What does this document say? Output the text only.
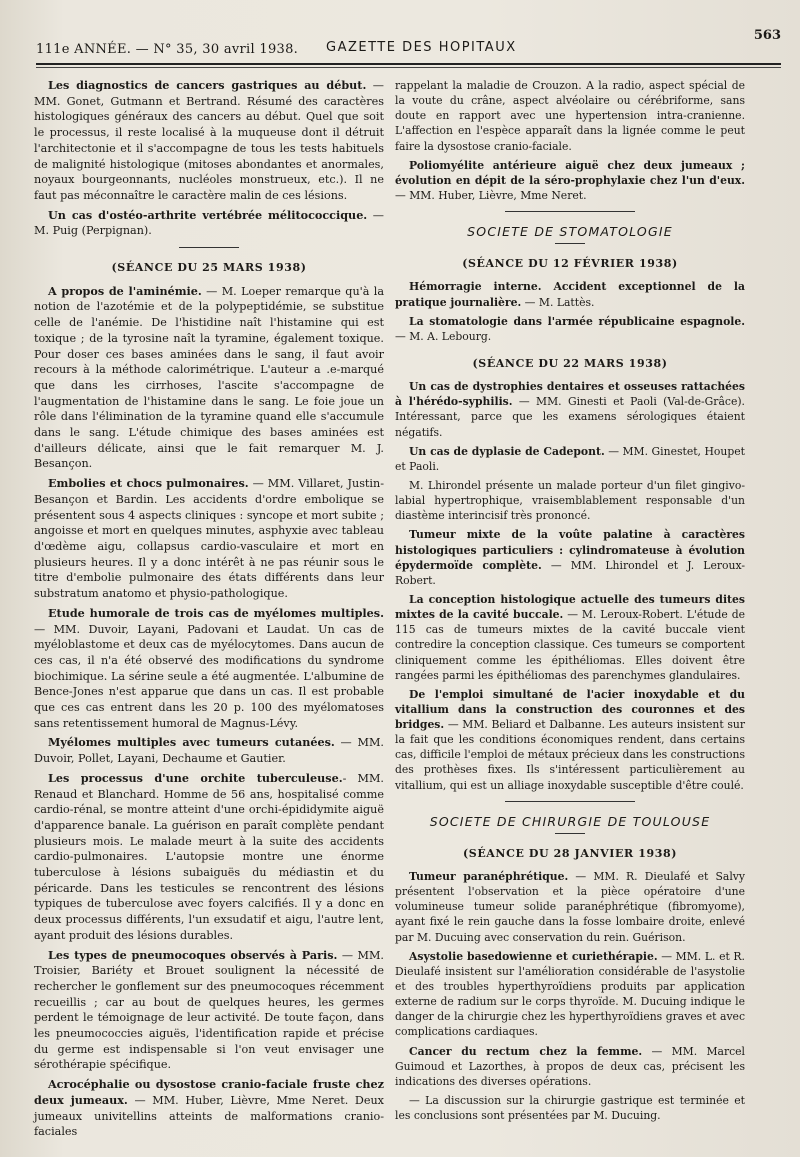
111e ANNÉE. — N° 35, 30 avril 1938. GAZETTE DES HOPITAUX
563

Les diagnostics de cancers gastriques au début. — MM. Gonet, Gutmann et Bertrand. Résumé des caractères histologiques généraux des cancers au début. Quel que soit le processus, il reste localisé à la muqueuse dont il détruit l'architectonie et il s'accompagne de tous les tests habituels de malignité histologique (mitoses abondantes et anormales, noyaux bourgeonnants, nucléoles monstrueux, etc.). Il ne faut pas méconnaître le caractère malin de ces lésions.

Un cas d'ostéo-arthrite vertébrée mélitococcique. — M. Puig (Perpignan).

(SÉANCE DU 25 MARS 1938)

A propos de l'aminémie. — M. Loeper remarque qu'à la notion de l'azotémie et de la polypeptidémie, se substitue celle de l'anémie. De l'histidine naît l'histamine qui est toxique ; de la tyrosine naît la tyramine, également toxique. Pour doser ces bases aminées dans le sang, il faut avoir recours à la méthode calorimétrique. L'auteur a .e-marqué que dans les cirrhoses, l'ascite s'accompagne de l'augmentation de l'histamine dans le sang. Le foie joue un rôle dans l'élimination de la tyramine quand elle s'accumule dans le sang. L'étude chimique des bases aminées est d'ailleurs délicate, ainsi que le fait remarquer M. J. Besançon.

Embolies et chocs pulmonaires. — MM. Villaret, Justin-Besançon et Bardin. Les accidents d'ordre embolique se présentent sous 4 aspects cliniques : syncope et mort subite ; angoisse et mort en quelques minutes, asphyxie avec tableau d'œdème aigu, collapsus cardio-vasculaire et mort en plusieurs heures. Il y a donc intérêt à ne pas réunir sous le titre d'embolie pulmonaire des états différents dans leur substratum anatomo et physio-pathologique.

Etude humorale de trois cas de myélomes multiples. — MM. Duvoir, Layani, Padovani et Laudat. Un cas de myéloblastome et deux cas de myélocytomes. Dans aucun de ces cas, il n'a été observé des modifications du syndrome biochimique. La sérine seule a été augmentée. L'albumine de Bence-Jones n'est apparue que dans un cas. Il est probable que ces cas entrent dans les 20 p. 100 des myélomatoses sans retentissement humoral de Magnus-Lévy.

Myélomes multiples avec tumeurs cutanées. — MM. Duvoir, Pollet, Layani, Dechaume et Gautier.

Les processus d'une orchite tuberculeuse.- MM. Renaud et Blanchard. Homme de 56 ans, hospitalisé comme cardio-rénal, se montre atteint d'une orchi-épididymite aiguë d'apparence banale. La guérison en paraît complète pendant plusieurs mois. Le malade meurt à la suite des accidents cardio-pulmonaires. L'autopsie montre une énorme tuberculose à lésions subaiguës du médiastin et du péricarde. Dans les testicules se rencontrent des lésions typiques de tuberculose avec foyers calcifiés. Il y a donc en deux processus différents, l'un exsudatif et aigu, l'autre lent, ayant produit des lésions durables.

Les types de pneumocoques observés à Paris. — MM. Troisier, Bariéty et Brouet soulignent la nécessité de rechercher le gonflement sur des pneumocoques récemment recueillis ; car au bout de quelques heures, les germes perdent le témoignage de leur activité. De toute façon, dans les pneumococcies aiguës, l'identification rapide et précise du germe est indispensable si l'on veut envisager une sérothérapie spécifique.

Acrocéphalie ou dysostose cranio-faciale fruste chez deux jumeaux. — MM. Huber, Lièvre, Mme Neret. Deux jumeaux univitellins atteints de malformations cranio-faciales

rappelant la maladie de Crouzon. A la radio, aspect spécial de la voute du crâne, aspect alvéolaire ou cérébriforme, sans doute en rapport avec une hypertension intra-cranienne. L'affection en l'espèce apparaît dans la lignée comme le peut faire la dysostose cranio-faciale.

Poliomyélite antérieure aiguë chez deux jumeaux ; évolution en dépit de la séro-prophylaxie chez l'un d'eux. — MM. Huber, Lièvre, Mme Neret.

SOCIETE DE STOMATOLOGIE
(SÉANCE DU 12 FÉVRIER 1938)

Hémorragie interne. Accident exceptionnel de la pratique journalière. — M. Lattès.

La stomatologie dans l'armée républicaine espagnole. — M. A. Lebourg.

(SÉANCE DU 22 MARS 1938)

Un cas de dystrophies dentaires et osseuses rattachées à l'hérédo-syphilis. — MM. Ginesti et Paoli (Val-de-Grâce). Intéressant, parce que les examens sérologiques étaient négatifs.

Un cas de dyplasie de Cadepont. — MM. Ginestet, Houpet et Paoli.

M. Lhirondel présente un malade porteur d'un filet gingivo-labial hypertrophique, vraisemblablement responsable d'un diastème interincisif très prononcé.

Tumeur mixte de la voûte palatine à caractères histologiques particuliers : cylindromateuse à évolution épydermoïde complète. — MM. Lhirondel et J. Leroux-Robert.

La conception histologique actuelle des tumeurs dites mixtes de la cavité buccale. — M. Leroux-Robert. L'étude de 115 cas de tumeurs mixtes de la cavité buccale vient contredire la conception classique. Ces tumeurs se comportent cliniquement comme les épithéliomas. Elles doivent être rangées parmi les épithéliomas des parenchymes glandulaires.

De l'emploi simultané de l'acier inoxydable et du vitallium dans la construction des couronnes et des bridges. — MM. Beliard et Dalbanne. Les auteurs insistent sur la fait que les conditions économiques rendent, dans certains cas, difficile l'emploi de métaux précieux dans les constructions des prothèses fixes. Ils s'intéressent particulièrement au vitallium, qui est un alliage inoxydable susceptible d'être coulé.

SOCIETE DE CHIRURGIE DE TOULOUSE
(SÉANCE DU 28 JANVIER 1938)

Tumeur paranéphrétique. — MM. R. Dieulafé et Salvy présentent l'observation et la pièce opératoire d'une volumineuse tumeur solide paranéphrétique (fibromyome), ayant fixé le rein gauche dans la fosse lombaire droite, enlevé par M. Ducuing avec conservation du rein. Guérison.

Asystolie basedowienne et curiethérapie. — MM. L. et R. Dieulafé insistent sur l'amélioration considérable de l'asystolie et des troubles hyperthyroïdiens produits par application externe de radium sur le corps thyroïde. M. Ducuing indique le danger de la chirurgie chez les hyperthyroïdiens graves et avec complications cardiaques.

Cancer du rectum chez la femme. — MM. Marcel Guimoud et Lazorthes, à propos de deux cas, précisent les indications des diverses opérations.

— La discussion sur la chirurgie gastrique est terminée et les conclusions sont présentées par M. Ducuing.
